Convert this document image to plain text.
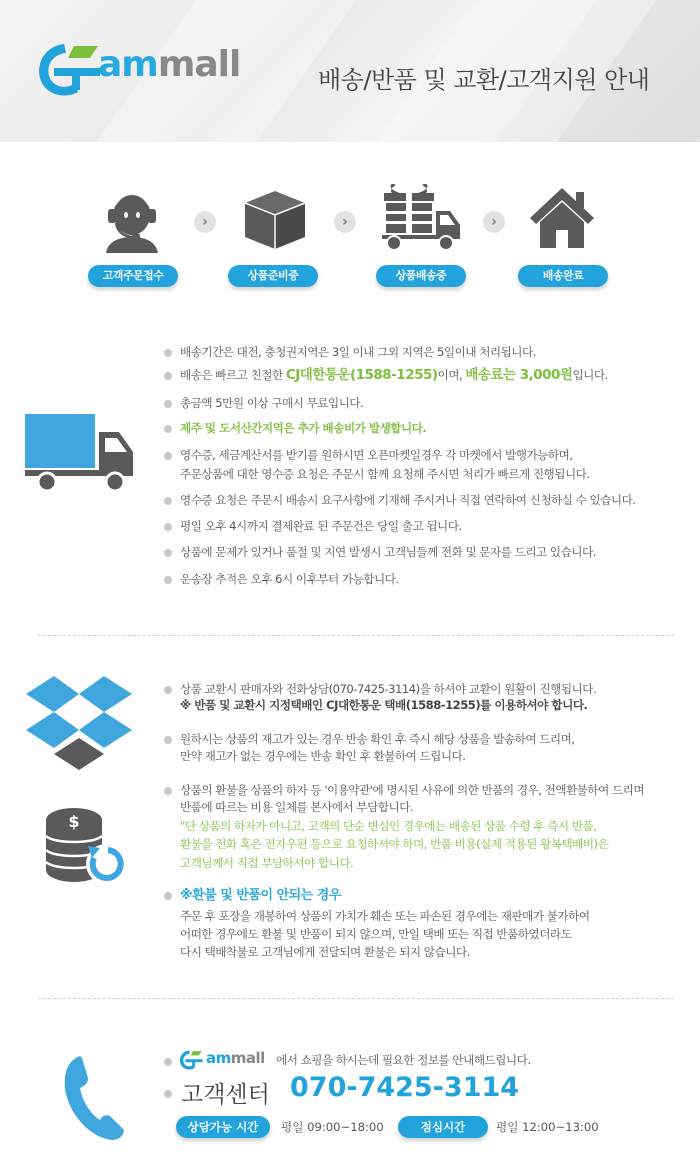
ammall	배송/반품 및 교환/고객지원 안내
›	›	›
고객주문접수	상품준비중	상품배송중	배송완료
배송기간은 대전, 충청권지역은 3일 이내 그외 지역은 5일이내 처리됩니다.
배송은 빠르고 친절한 CJ대한통운(1588-1255)이며, 배송료는 3,000원입니다.
총금액 5만원 이상 구매시 무료입니다.
제주 및 도서산간지역은 추가 배송비가 발생합니다.
영수증, 세금계산서를 받기를 원하시면 오픈마켓일경우 각 마켓에서 발행가능하며,
주문상품에 대한 영수증 요청은 주문시 함께 요청해 주시면 처리가 빠르게 진행됩니다.
영수증 요청은 주문시 배송시 요구사항에 기재해 주시거나 직접 연락하여 신청하실 수 있습니다.
평일 오후 4시까지 결제완료 된 주문건은 당일 출고 됩니다.
상품에 문제가 있거나 품절 및 지연 발생시 고객님들께 전화 및 문자를 드리고 있습니다.
운송장 추적은 오후 6시 이후부터 가능합니다.
$
상품 교환시 판매자와 전화상담(070-7425-3114)을 하셔야 교환이 원활이 진행됩니다.
※ 반품 및 교환시 지정택배인 CJ대한통운 택배(1588-1255)를 이용하셔야 합니다.
원하시는 상품의 재고가 있는 경우 반송 확인 후 즉시 해당 상품을 발송하여 드리며,
만약 재고가 없는 경우에는 반송 확인 후 환불하여 드립니다.
상품의 환불을 상품의 하자 등 '이용약관'에 명시된 사유에 의한 반품의 경우, 전액환불하여 드리며
반품에 따르는 비용 일체를 본사에서 부담합니다.
"단 상품의 하자가 아니고, 고객의 단순 변심인 경우에는 배송된 상품 수령 후 즉시 반품,
환불을 전화 혹은 전자우편 등으로 요청하셔야 하며, 반품 비용(실제 적용된 왕복택배비)은
고객님께서 직접 부담하셔야 합니다.
※환불 및 반품이 안되는 경우
주문 후 포장을 개봉하여 상품의 가치가 훼손 또는 파손된 경우에는 재판매가 불가하여
어떠한 경우에도 환불 및 반품이 되지 않으며, 만일 택배 또는 직접 반품하였더라도
다시 택배착불로 고객님에게 전달되며 환불은 되지 않습니다.
ammall 에서 쇼핑을 하시는데 필요한 정보를 안내해드립니다.
고객센터 070-7425-3114
상담가능 시간	평일 09:00~18:00	점심시간	평일 12:00~13:00
